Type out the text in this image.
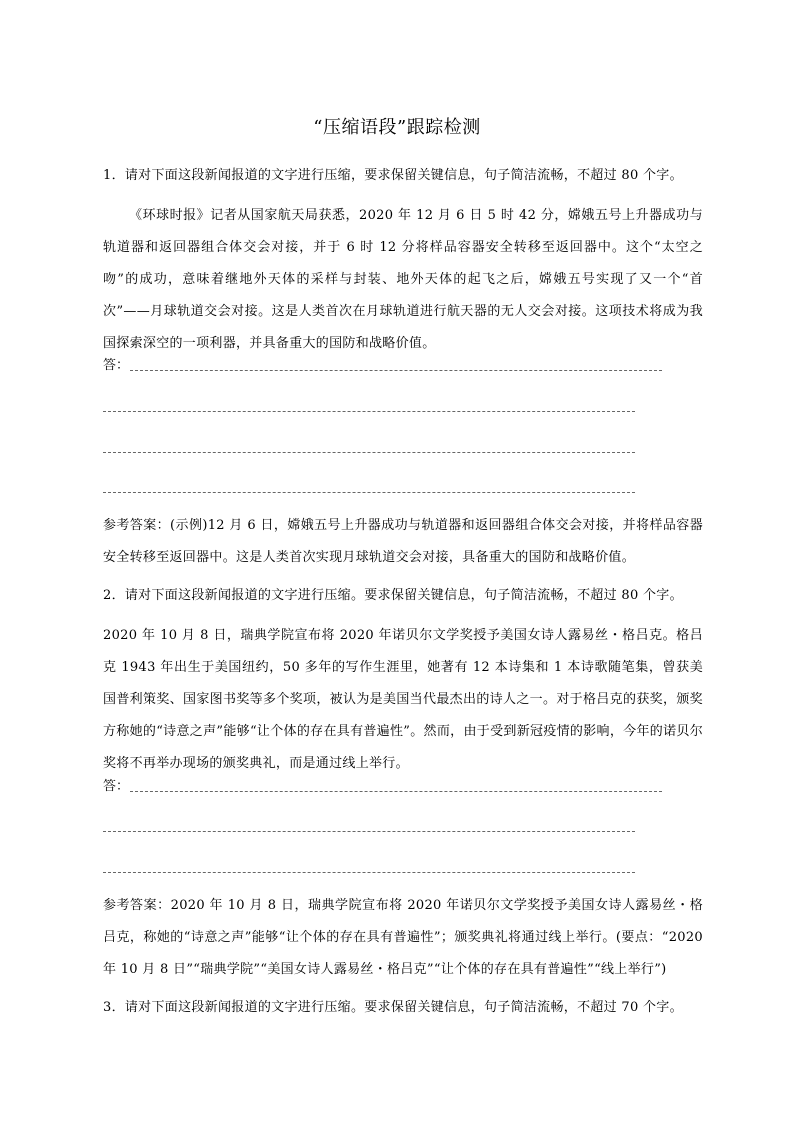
“压缩语段”跟踪检测
1．请对下面这段新闻报道的文字进行压缩，要求保留关键信息，句子简洁流畅，不超过 80 个字。
《环球时报》记者从国家航天局获悉，2020 年 12 月 6 日 5 时 42 分，嫦娥五号上升器成功与轨道器和返回器组合体交会对接，并于 6 时 12 分将样品容器安全转移至返回器中。这个“太空之吻”的成功，意味着继地外天体的采样与封装、地外天体的起飞之后，嫦娥五号实现了又一个“首次”——月球轨道交会对接。这是人类首次在月球轨道进行航天器的无人交会对接。这项技术将成为我国探索深空的一项利器，并具备重大的国防和战略价值。
答：
参考答案：(示例)12 月 6 日，嫦娥五号上升器成功与轨道器和返回器组合体交会对接，并将样品容器安全转移至返回器中。这是人类首次实现月球轨道交会对接，具备重大的国防和战略价值。
2．请对下面这段新闻报道的文字进行压缩。要求保留关键信息，句子简洁流畅，不超过 80 个字。
2020 年 10 月 8 日，瑞典学院宣布将 2020 年诺贝尔文学奖授予美国女诗人露易丝・格吕克。格吕克 1943 年出生于美国纽约，50 多年的写作生涯里，她著有 12 本诗集和 1 本诗歌随笔集，曾获美国普利策奖、国家图书奖等多个奖项，被认为是美国当代最杰出的诗人之一。对于格吕克的获奖，颁奖方称她的“诗意之声”能够“让个体的存在具有普遍性”。然而，由于受到新冠疫情的影响，今年的诺贝尔奖将不再举办现场的颁奖典礼，而是通过线上举行。
答：
参考答案：2020 年 10 月 8 日，瑞典学院宣布将 2020 年诺贝尔文学奖授予美国女诗人露易丝・格吕克，称她的“诗意之声”能够“让个体的存在具有普遍性”；颁奖典礼将通过线上举行。(要点：“2020 年 10 月 8 日”“瑞典学院”“美国女诗人露易丝・格吕克”“让个体的存在具有普遍性”“线上举行”)
3．请对下面这段新闻报道的文字进行压缩。要求保留关键信息，句子简洁流畅，不超过 70 个字。
